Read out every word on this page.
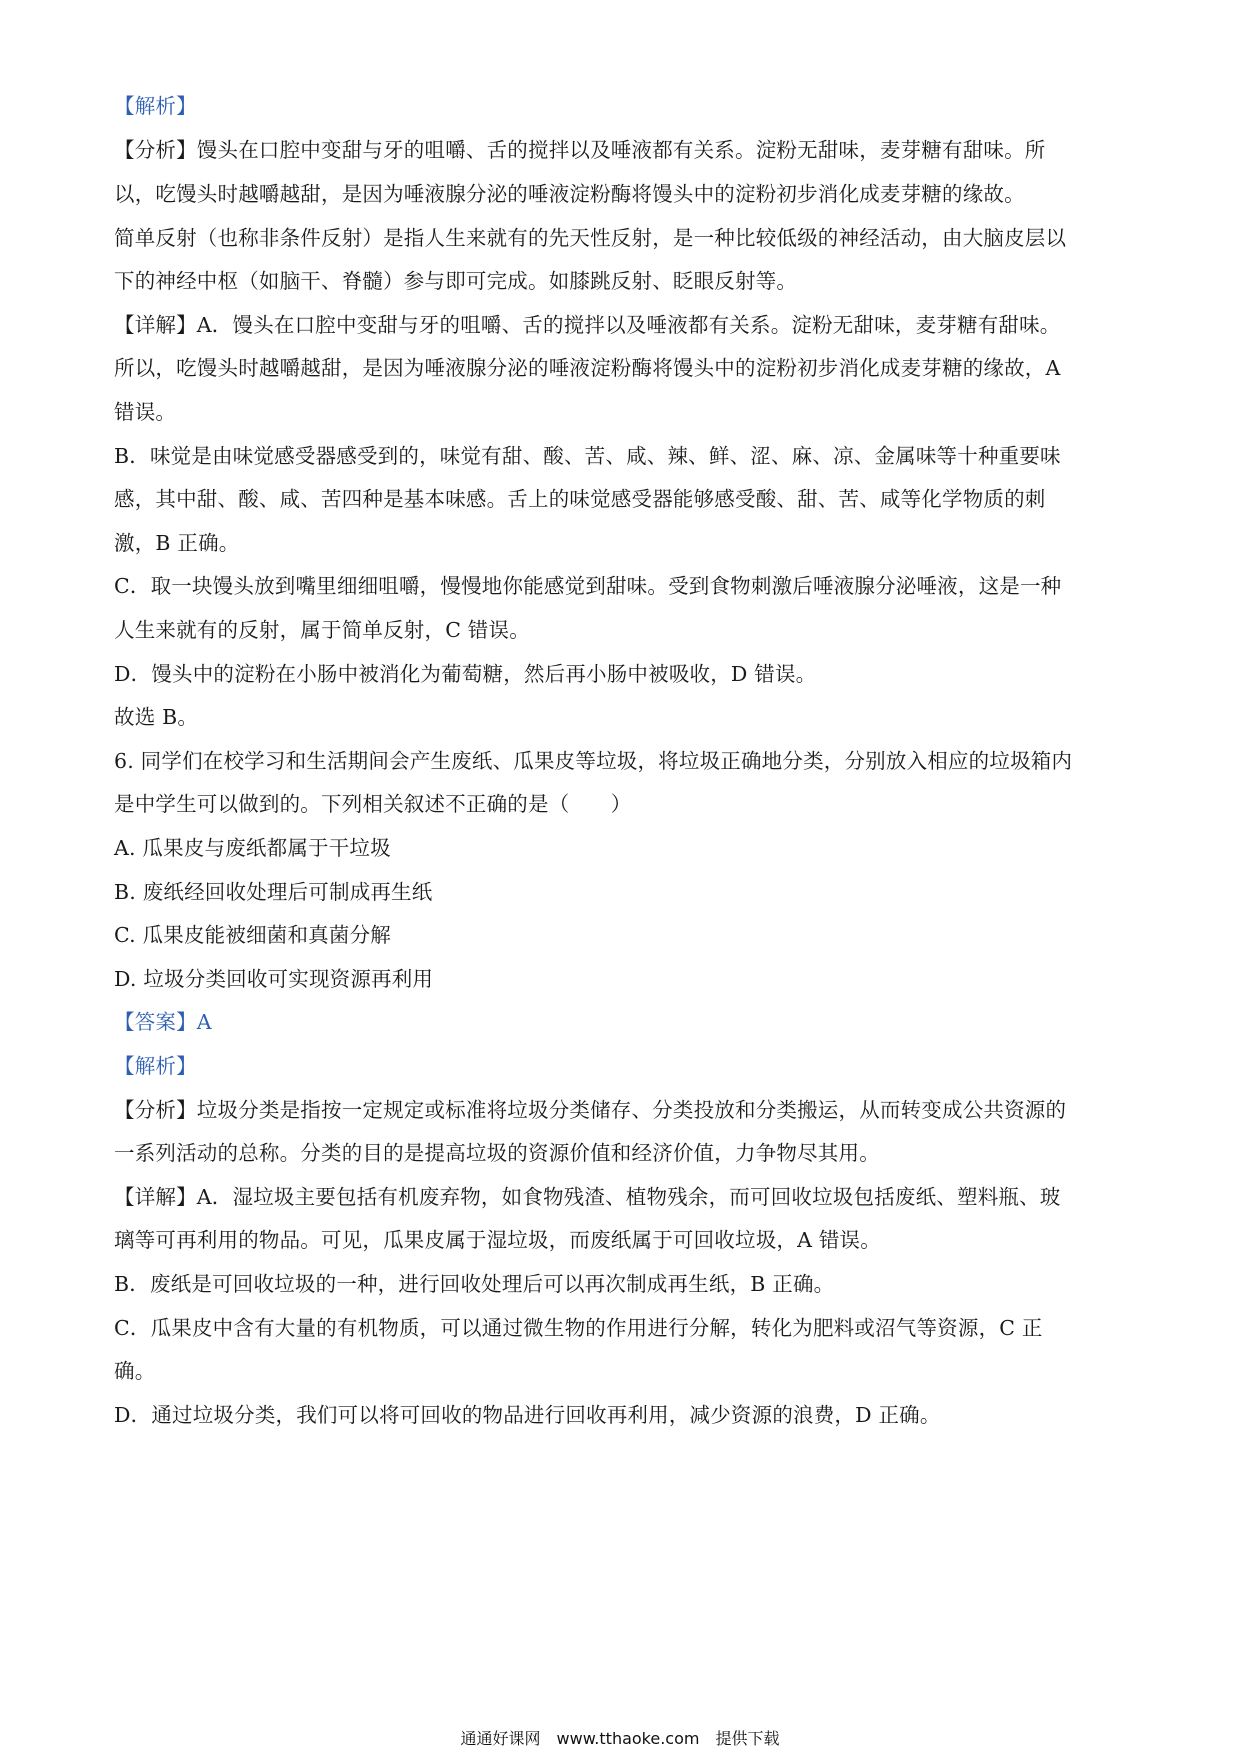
【解析】
【分析】馒头在口腔中变甜与牙的咀嚼、舌的搅拌以及唾液都有关系。淀粉无甜味，麦芽糖有甜味。所
以，吃馒头时越嚼越甜，是因为唾液腺分泌的唾液淀粉酶将馒头中的淀粉初步消化成麦芽糖的缘故。
简单反射（也称非条件反射）是指人生来就有的先天性反射，是一种比较低级的神经活动，由大脑皮层以
下的神经中枢（如脑干、脊髓）参与即可完成。如膝跳反射、眨眼反射等。
【详解】A．馒头在口腔中变甜与牙的咀嚼、舌的搅拌以及唾液都有关系。淀粉无甜味，麦芽糖有甜味。
所以，吃馒头时越嚼越甜，是因为唾液腺分泌的唾液淀粉酶将馒头中的淀粉初步消化成麦芽糖的缘故，A
错误。
B．味觉是由味觉感受器感受到的，味觉有甜、酸、苦、咸、辣、鲜、涩、麻、凉、金属味等十种重要味
感，其中甜、酸、咸、苦四种是基本味感。舌上的味觉感受器能够感受酸、甜、苦、咸等化学物质的刺
激，B 正确。
C．取一块馒头放到嘴里细细咀嚼，慢慢地你能感觉到甜味。受到食物刺激后唾液腺分泌唾液，这是一种
人生来就有的反射，属于简单反射，C 错误。
D．馒头中的淀粉在小肠中被消化为葡萄糖，然后再小肠中被吸收，D 错误。
故选 B。
6. 同学们在校学习和生活期间会产生废纸、瓜果皮等垃圾，将垃圾正确地分类，分别放入相应的垃圾箱内
是中学生可以做到的。下列相关叙述不正确的是（　　）
A. 瓜果皮与废纸都属于干垃圾
B. 废纸经回收处理后可制成再生纸
C. 瓜果皮能被细菌和真菌分解
D. 垃圾分类回收可实现资源再利用
【答案】A
【解析】
【分析】垃圾分类是指按一定规定或标准将垃圾分类储存、分类投放和分类搬运，从而转变成公共资源的
一系列活动的总称。分类的目的是提高垃圾的资源价值和经济价值，力争物尽其用。
【详解】A．湿垃圾主要包括有机废弃物，如食物残渣、植物残余，而可回收垃圾包括废纸、塑料瓶、玻
璃等可再利用的物品。可见，瓜果皮属于湿垃圾，而废纸属于可回收垃圾，A 错误。
B．废纸是可回收垃圾的一种，进行回收处理后可以再次制成再生纸，B 正确。
C．瓜果皮中含有大量的有机物质，可以通过微生物的作用进行分解，转化为肥料或沼气等资源，C 正
确。
D．通过垃圾分类，我们可以将可回收的物品进行回收再利用，减少资源的浪费，D 正确。
通通好课网　www.tthaoke.com　提供下载
